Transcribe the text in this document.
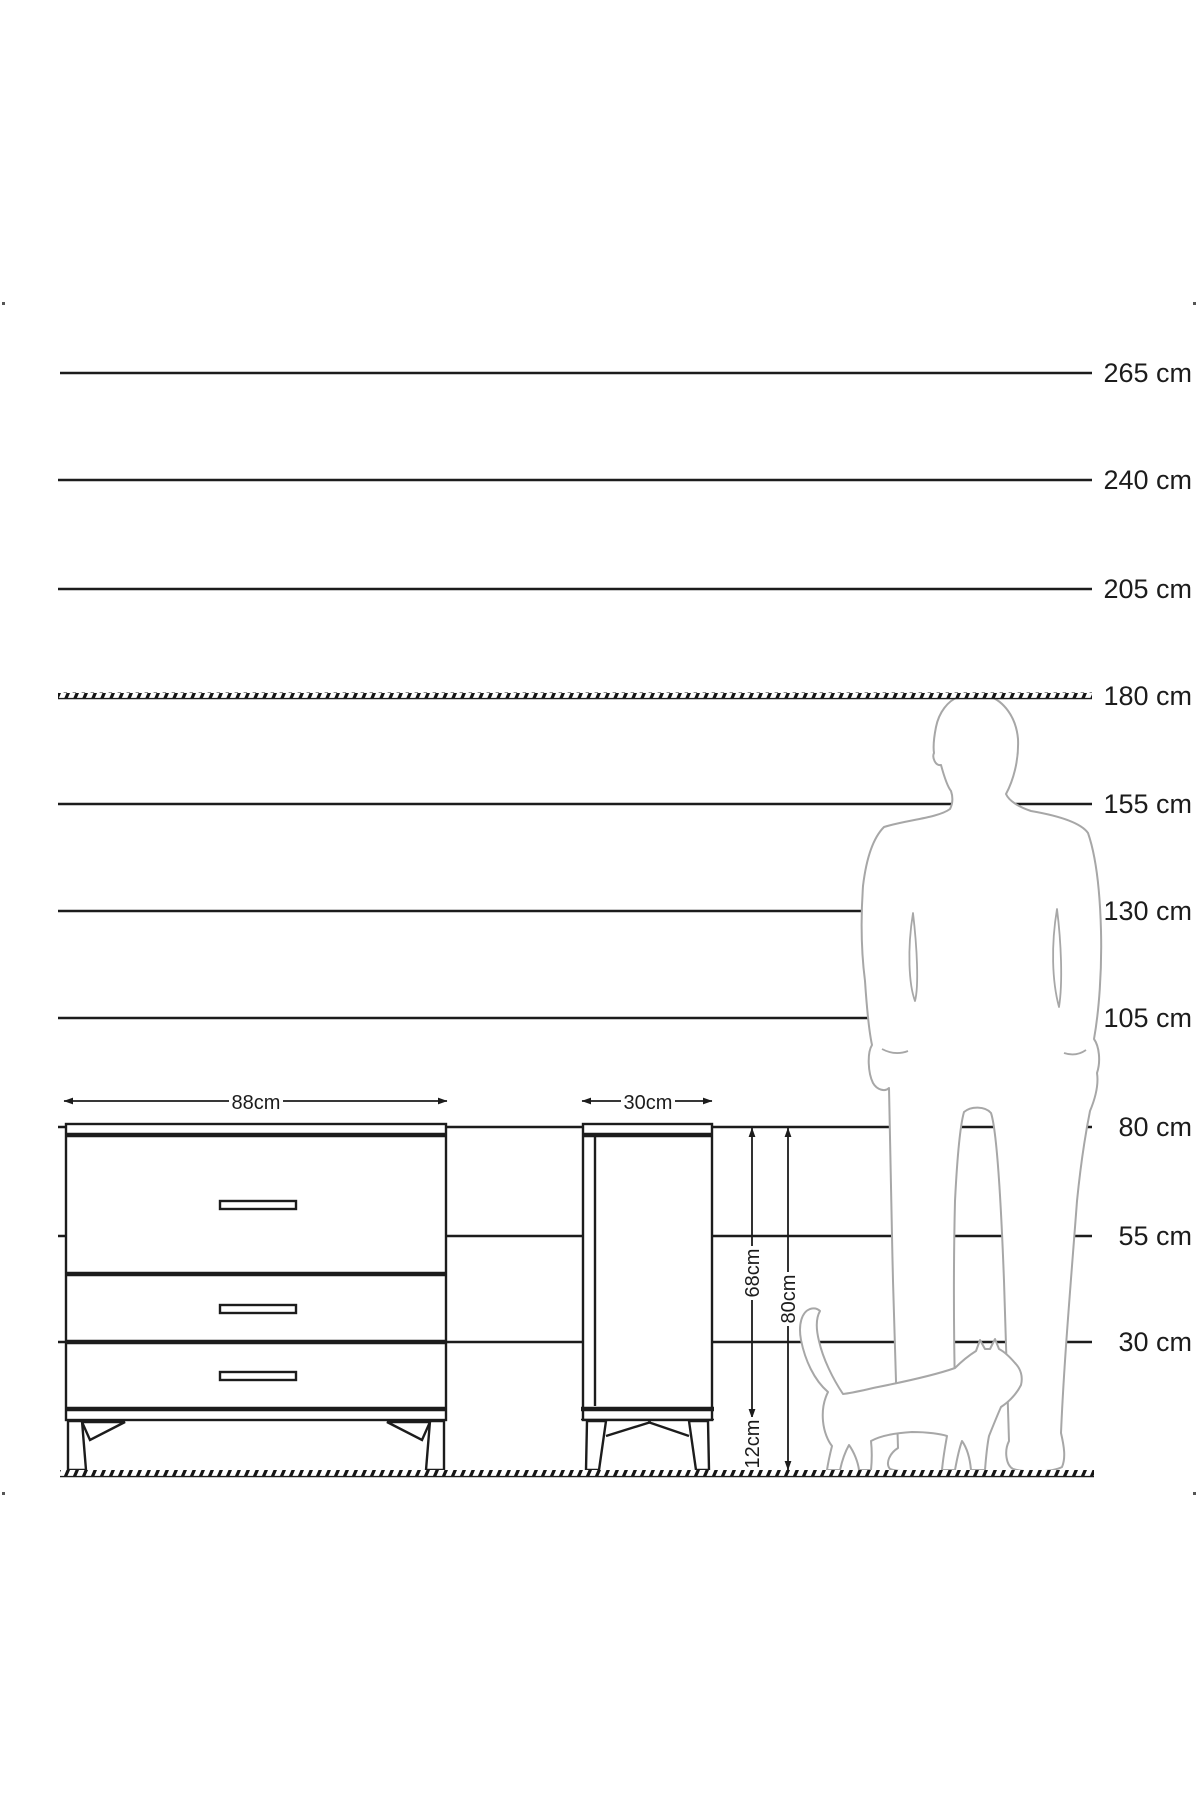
265 cm
240 cm
205 cm
155 cm
130 cm
105 cm
80 cm
55 cm
30 cm
180 cm
88cm	30cm
68cm
12cm
80cm
